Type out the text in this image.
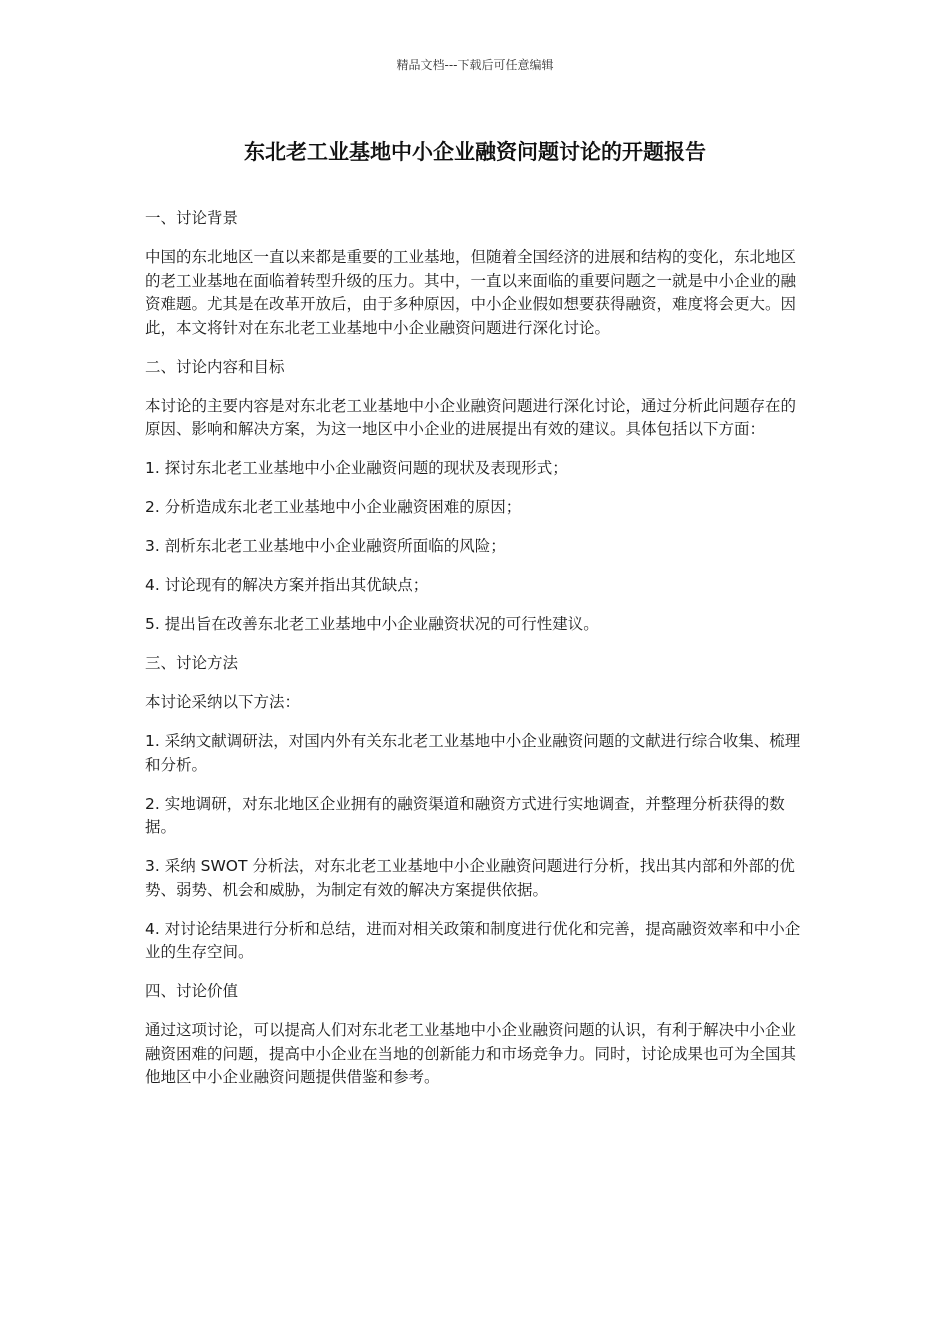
精品文档---下载后可任意编辑
东北老工业基地中小企业融资问题讨论的开题报告

一、讨论背景

中国的东北地区一直以来都是重要的工业基地，但随着全国经济的进展和结构的变化，东北地区的老工业基地在面临着转型升级的压力。其中，一直以来面临的重要问题之一就是中小企业的融资难题。尤其是在改革开放后，由于多种原因，中小企业假如想要获得融资，难度将会更大。因此，本文将针对在东北老工业基地中小企业融资问题进行深化讨论。

二、讨论内容和目标

本讨论的主要内容是对东北老工业基地中小企业融资问题进行深化讨论，通过分析此问题存在的原因、影响和解决方案，为这一地区中小企业的进展提出有效的建议。具体包括以下方面：

1. 探讨东北老工业基地中小企业融资问题的现状及表现形式；

2. 分析造成东北老工业基地中小企业融资困难的原因；

3. 剖析东北老工业基地中小企业融资所面临的风险；

4. 讨论现有的解决方案并指出其优缺点；

5. 提出旨在改善东北老工业基地中小企业融资状况的可行性建议。

三、讨论方法

本讨论采纳以下方法：

1. 采纳文献调研法，对国内外有关东北老工业基地中小企业融资问题的文献进行综合收集、梳理和分析。

2. 实地调研，对东北地区企业拥有的融资渠道和融资方式进行实地调查，并整理分析获得的数据。

3. 采纳 SWOT 分析法，对东北老工业基地中小企业融资问题进行分析，找出其内部和外部的优势、弱势、机会和威胁，为制定有效的解决方案提供依据。

4. 对讨论结果进行分析和总结，进而对相关政策和制度进行优化和完善，提高融资效率和中小企业的生存空间。

四、讨论价值

通过这项讨论，可以提高人们对东北老工业基地中小企业融资问题的认识，有利于解决中小企业融资困难的问题，提高中小企业在当地的创新能力和市场竞争力。同时，讨论成果也可为全国其他地区中小企业融资问题提供借鉴和参考。
